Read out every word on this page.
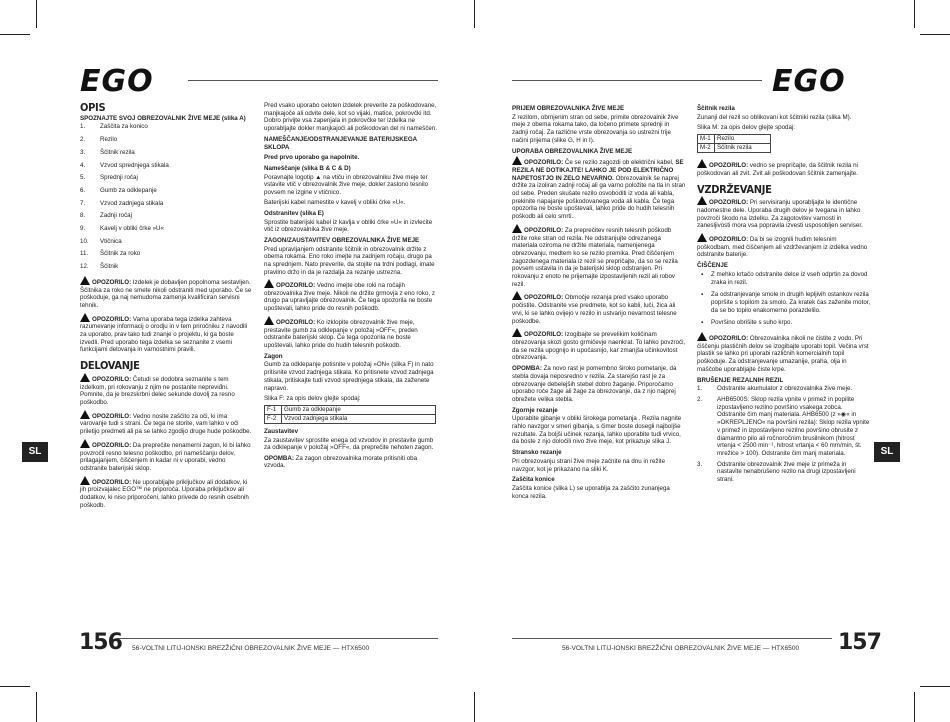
EGO	EGO
SL	SL

OPIS

SPOZNAJTE SVOJ OBREZOVALNIK ŽIVE MEJE (slika A)

1.	Zaščita za konico
2.	Rezilo
3.	Ščitnik rezila
4.	Vzvod sprednjega stikala
5.	Sprednji ročaj
6.	Gumb za odklepanje
7.	Vzvod zadnjega stikala
8.	Zadnji ročaj
9.	Kavelj v obliki črke »U«
10.	Vtičnica
11.	Ščitnik za roko
12.	Ščitnik

OPOZORILO: Izdelek je dobavljen popolnoma sestavljen. Ščitnika za roko ne smete nikoli odstraniti med uporabo. Če se poškoduje, ga naj nemudoma zamenja kvalificiran servisni tehnik.

OPOZORILO: Varna uporaba tega izdelka zahteva razumevanje informacij o orodju in v tem priročniku z navodili za uporabo, prav tako tudi znanje o projektu, ki ga boste izvedli. Pred uporabo tega izdelka se seznanite z vsemi funkcijami delovanja in varnostnimi pravili.

DELOVANJE

OPOZORILO: Četudi se dodobra seznanite s tem izdelkom, pri rokovanju z njim ne postanite nepreviđni. Pomnite, da je brezskrbni delec sekunde dovolj za resno poškodbo.

OPOZORILO: Vedno nosite zaščito za oči, ki ima varovanje tudi s strani. Če tega ne storite, vam lahko v oči priletijo predmeti ali pa se lahko zgodijo druge hude poškodbe.

OPOZORILO: Da preprečite nenamerni zagon, ki bi lahko povzročil resno telesno poškodbo, pri nameščanju delov, prilagajanjem, čiščenjem in kadar ni v uporabi, vedno odstranite baterijski sklop.

OPOZORILO: Ne uporabljajte priključkov ali dodatkov, ki jih proizvajalec EGO™ ne priporoča. Uporaba priključkov ali dodatkov, ki niso priporočeni, lahko privede do resnih osebnih poškodb.

Pred vsako uporabo celoten izdelek preverite za poškodovane, manjkajoče ali odvite dele, kot so vijaki, matice, pokrovčki itd. Dobro privijte vsa zapenjala in pokrovčke ter izdelka ne uporabljajte dokler manjkajoči ali poškodovan del ni nameščen.

NAMEŠČANJE/ODSTRANJEVANJE BATERIJSKEGA SKLOPA

Pred prvo uporabo ga napolnite.

Nameščanje (slika B & C & D)

Poravnajte logotip ▲ na vtiču in obrezovalniku žive meje ter vstavite vtič v obrezovalnik žive meje, dokler zaslono tesnilo povsem ne izgine v vtičnico.

Baterijski kabel namestite v kavelj v obliki črke »U«.

Odstranitev (slika E)

Sprostite baterijski kabel iz kavlja v obliki črke »U« in izvlecite vtič iz obrezovalnika žive meje.

ZAGON/ZAUSTAVITEV OBREZOVALNIKA ŽIVE MEJE

Pred upravljanjem odstranite ščitnik in obrezovalnik držite z obema rokama. Eno roko imejte na zadnjem ročaju, drugo pa na sprednjem. Nato preverite, da stojite na trdni podlagi, imate pravilno držo in da je razdalja za rezanje ustrezna.

OPOZORILO: Vedno imejte obe roki na ročajih obrezovalnika žive meje. Nikoli ne držite grmovja z eno roko, z drugo pa upravljajte obrezovalnik. Če tega opozorila ne boste upoštevali, lahko pride do resnih poškodb.

OPOZORILO: Ko izklopite obrezovalnik žive meje, prestavite gumb za odklepanje v položaj »OFF«, preden odstranite baterijski sklop. Če tega opozorila ne boste upoštevali, lahko pride do hudih telesnih poškodb.

Zagon

Gumb za odklepanje potisnite v položaj »ON« (slika F) in nato pritisnite vzvod zadnjega stikala. Ko pritisnete vzvod zadnjega stikala, pritiskajte tudi vzvod sprednjega stikala, da zaženete napravo.

Slika F: za opis delov glejte spodaj:

F-1	Gumb za odklepanje
F-2	Vzvod zadnjega stikala

Zaustavitev

Za zaustavitev sprostite enega od vzvodov in prestavite gumb za odklepanje v položaj »OFF«, da preprečite nehoten zagon.

OPOMBA: Za zagon obrezovalnika morate pritisniti oba vzvoda.

PRIJEM OBREZOVALNIKA ŽIVE MEJE

Z rezilom, obrnjenim stran od sebe, primite obrezovalnik žive meje z obema rokama tako, da ločeno primete sprednji in zadnji ročaj. Za različne vrste obrezovanja so ustrezni trije načini prijema (slike G, H in I).

UPORABA OBREZOVALNIKA ŽIVE MEJE

OPOZORILO: Če se rezilo zagozdi ob električni kabel, SE REZILA NE DOTIKAJTE! LAHKO JE POD ELEKTRIČNO NAPETOSTJO IN ZELO NEVARNO. Obrezovalnik še naprej držite za izoliran zadnji ročaj ali ga varno položite na tla in stran od sebe. Preden skušate rezilo osvoboditi iz voda ali kabla, prekinite napajanje poškodovanega voda ali kabla. Če tega opozorila ne boste upoštevali, lahko pride do hudih telesnih poškodb ali celo smrti.

OPOZORILO: Za preprečitev resnih telesnih poškodb držite roke stran od rezila. Ne odstranjujte odrezanega materiala oziroma ne držite materiala, namenjenega obrezovanju, medtem ko se rezilo premika. Pred čiščenjem zagozdenega materiala iz rezil se prepričajte, da so se rezila povsem ustavila in da je baterijski sklop odstranjen. Pri rokovanju z enoto ne prijemajte izpostavljenih rezil ali robov rezil.

OPOZORILO: Območje rezanja pred vsako uporabo počistite. Odstranite vse predmete, kot so kabli, luči, žica ali vrvi, ki se lahko ovijejo v rezilo in ustvarijo nevarnost telesne poškodbe.

OPOZORILO: Izogibajte se prevelikim količinam obrezovanja skozi gosto grmičevje naenkrat. To lahko povzroči, da se rezila upognijo in upočasnijo, kar zmanjša učinkovitost obrezovanja.

OPOMBA: Za novo rast je pomembno široko pometanje, da stebla dovaja neposredno v rezila. Za starejšo rast je za obrezovanje debelejših stebel dobro žaganje. Priporočamo uporabo roče žage ali žage za obrezovanje, da z njo najprej obrežete velika stebla.

Zgornje rezanje

Uporabite gibanje v obliki širokega pometanja . Rezila nagnite rahlo navzgor v smeri gibanja, s čimer boste dosegli najboljše rezultate. Za boljši učinek rezanja, lahko uporabite tudi vrvico, da boste z njo določili nivo žive meje, kot prikazuje slika J.

Stransko rezanje

Pri obrezovanju strani žive meje začnite na dnu in režite navzgor, kot je prikazano na sliki K.

Zaščita konice

Zaščita konice (slika L) se uporablja za zaščito zunanjega konca rezila.

Ščitnik rezila

Zunanji del rezil so oblikovani kot ščitniki rezila (slika M).

Slika M: za opis delov glejte spodaj:

M-1	Rezilo
M-2	Ščitnik rezila

OPOZORILO: vedno se prepričajte, da ščitnik rezila ni poškodovan ali zvit. Zvit ali poškodovan ščitnik zamenjajte.

VZDRŽEVANJE

OPOZORILO: Pri servisiranju uporabljajte le identične nadomestne dele. Uporaba drugih delov je tvegana in lahko povzroči škodo na izdelku. Za zagotovitev varnosti in zanesljivosti mora vsa popravila izvesti usposobljen serviser.

OPOZORILO: Da bi se izognili hudim telesnim poškodbam, med čiščenjem ali vzdrževanjem iz izdelka vedno odstranite baterije.

ČIŠČENJE

▪	Z mehko krtačo odstranite delce iz vseh odprtin za dovod zraka in rezil.
▪	Za odstranjevanje smole in drugih lepljivih ostankov rezila popršite s topilom za smolo. Za kratek čas zaženite motor, da se bo topilo enakomerno porazdelilo.
▪	Površino obrišite s suho krpo.

OPOZORILO: Obrezovalnika nikoli ne čistite z vodo. Pri čiščenju plastičnih delov se izogibajte uporabi topil. Večina vrst plastik se lahko pri uporabi različnih komercialnih topil poškoduje. Za odstranjevanje umazanije, praha, olja in maščobe uporabljajte čiste krpe.

BRUŠENJE REZALNIH REZIL

1.	Odstranite akumulator z obrezovalnika žive meje.
2.	AHB6500S: Sklop rezila vpnite v primež in popilite izpostavljeno rezilno površino vsakega zobca. Odstranite čim manj materiala. AHB6500 (z »◉« in »OKREPLJENO« na površini rezila): Sklop rezila vpnite v primež in izpostavljeno rezilno površino obrusite z diamantno pilo ali ročnoročnim brusilnikom (hitrost vrtenja < 2500 min⁻¹, hitrost vrtanja < 60 mm/min, št. mrežice > 100). Odstranite čim manj materiala.
3.	Odstranite obrezovalnik žive meje iz primeža in nastavite nenabrušeno rezilo na drugi izpostavljeni strani.
156 56-VOLTNI LITIJ-IONSKI BREZŽIČNI OBREZOVALNIK ŽIVE MEJE — HTX6500	56-VOLTNI LITIJ-IONSKI BREZŽIČNI OBREZOVALNIK ŽIVE MEJE — HTX6500 157
